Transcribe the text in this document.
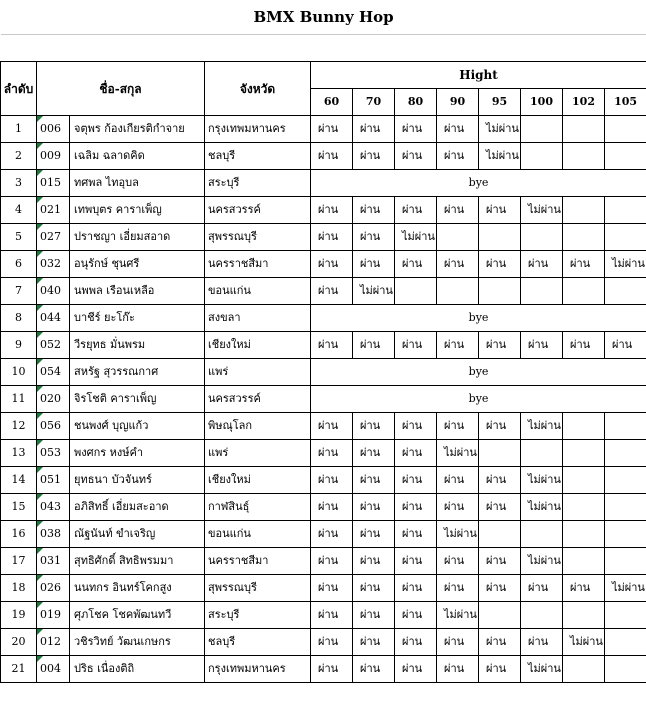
BMX Bunny Hop											

ลำดับ	ชื่อ-สกุล		จังหวัด	Hight							
				60	70	80	90	95	100	102	105
1	006	จตุพร ก้องเกียรติกำจาย	กรุงเทพมหานคร	ผ่าน	ผ่าน	ผ่าน	ผ่าน	ไม่ผ่าน			
2	009	เฉลิม ฉลาดคิด	ชลบุรี	ผ่าน	ผ่าน	ผ่าน	ผ่าน	ไม่ผ่าน			
3	015	ทศพล ไทอุบล	สระบุรี	bye							
4	021	เทพบุตร คาราเพ็ญ	นครสวรรค์	ผ่าน	ผ่าน	ผ่าน	ผ่าน	ผ่าน	ไม่ผ่าน		
5	027	ปราชญา เอี่ยมสอาด	สุพรรณบุรี	ผ่าน	ผ่าน	ไม่ผ่าน					
6	032	อนุรักษ์ ชุนศรี	นครราชสีมา	ผ่าน	ผ่าน	ผ่าน	ผ่าน	ผ่าน	ผ่าน	ผ่าน	ไม่ผ่าน
7	040	นพพล เรือนเหลือ	ขอนแก่น	ผ่าน	ไม่ผ่าน						
8	044	บาชีร์ ยะโก๊ะ	สงขลา	bye							
9	052	วีรยุทธ มั่นพรม	เชียงใหม่	ผ่าน	ผ่าน	ผ่าน	ผ่าน	ผ่าน	ผ่าน	ผ่าน	ผ่าน
10	054	สหรัฐ สุวรรณกาศ	แพร่	bye							
11	020	จิรโชติ คาราเพ็ญ	นครสวรรค์	bye							
12	056	ชนพงศ์ บุญแก้ว	พิษณุโลก	ผ่าน	ผ่าน	ผ่าน	ผ่าน	ผ่าน	ไม่ผ่าน		
13	053	พงศกร หงษ์คำ	แพร่	ผ่าน	ผ่าน	ผ่าน	ไม่ผ่าน				
14	051	ยุทธนา บัวจันทร์	เชียงใหม่	ผ่าน	ผ่าน	ผ่าน	ผ่าน	ผ่าน	ไม่ผ่าน		
15	043	อภิสิทธิ์ เอี่ยมสะอาด	กาฬสินธุ์	ผ่าน	ผ่าน	ผ่าน	ผ่าน	ผ่าน	ไม่ผ่าน		
16	038	ณัฐนันท์ ขำเจริญ	ขอนแก่น	ผ่าน	ผ่าน	ผ่าน	ไม่ผ่าน				
17	031	สุทธิศักดิ์ สิทธิพรมมา	นครราชสีมา	ผ่าน	ผ่าน	ผ่าน	ผ่าน	ผ่าน	ไม่ผ่าน		
18	026	นนทกร อินทร์โคกสูง	สุพรรณบุรี	ผ่าน	ผ่าน	ผ่าน	ผ่าน	ผ่าน	ผ่าน	ผ่าน	ไม่ผ่าน
19	019	ศุภโชค โชคพัฒนทวี	สระบุรี	ผ่าน	ผ่าน	ผ่าน	ไม่ผ่าน				
20	012	วชิรวิทย์ วัฒนเกษกร	ชลบุรี	ผ่าน	ผ่าน	ผ่าน	ผ่าน	ผ่าน	ผ่าน	ไม่ผ่าน	
21	004	ปริธ เนื่องติถิ	กรุงเทพมหานคร	ผ่าน	ผ่าน	ผ่าน	ผ่าน	ผ่าน	ไม่ผ่าน		
